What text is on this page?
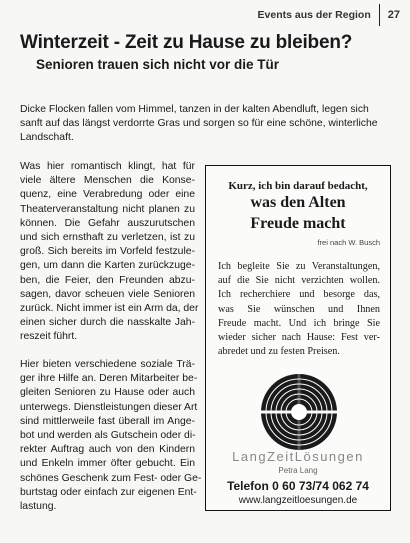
Events aus der Region	27
Winterzeit - Zeit zu Hause zu bleiben?
Senioren trauen sich nicht vor die Tür

Dicke Flocken fallen vom Himmel, tanzen in der kalten Abendluft, legen sich sanft auf das längst verdorrte Gras und sorgen so für eine schöne, winterliche Landschaft.

Was hier romantisch klingt, hat für
viele ältere Menschen die Konse-
quenz, eine Verabredung oder eine
Theaterveranstaltung nicht planen zu
können. Die Gefahr auszurutschen
und sich ernsthaft zu verletzen, ist zu
groß. Sich bereits im Vorfeld festzule-
gen, um dann die Karten zurückzuge-
ben, die Feier, den Freunden abzu-
sagen, davor scheuen viele Senioren
zurück. Nicht immer ist ein Arm da, der
einen sicher durch die nasskalte Jah-
reszeit führt.

Hier bieten verschiedene soziale Trä-
ger ihre Hilfe an. Deren Mitarbeiter be-
gleiten Senioren zu Hause oder auch
unterwegs. Dienstleistungen dieser Art
sind mittlerweile fast überall im Ange-
bot und werden als Gutschein oder di-
rekter Auftrag auch von den Kindern
und Enkeln immer öfter gebucht. Ein
schönes Geschenk zum Fest- oder Ge-
burtstag oder einfach zur eigenen Ent-
lastung.

Kurz, ich bin darauf bedacht,
was den Alten
Freude macht
frei nach W. Busch
Ich begleite Sie zu Veranstaltungen,
auf die Sie nicht verzichten wollen.
Ich recherchiere und besorge das,
was Sie wünschen und Ihnen
Freude macht. Und ich bringe Sie
wieder sicher nach Hause: Fest ver-
abredet und zu festen Preisen.
LangZeitLösungen
Petra Lang
Telefon 0 60 73/74 062 74
www.langzeitloesungen.de
